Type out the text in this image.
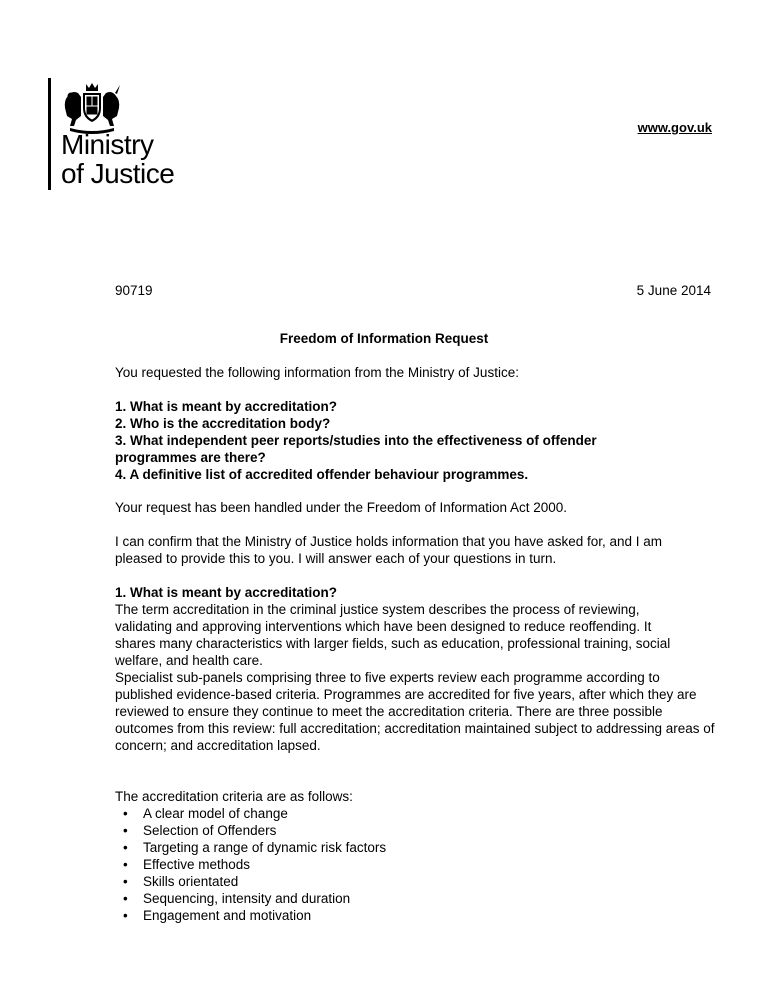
Ministry
of Justice
www.gov.uk
90719	5 June 2014
Freedom of Information Request
You requested the following information from the Ministry of Justice:
1. What is meant by accreditation?
2. Who is the accreditation body?
3. What independent peer reports/studies into the effectiveness of offender programmes are there?
4. A definitive list of accredited offender behaviour programmes.
Your request has been handled under the Freedom of Information Act 2000.
I can confirm that the Ministry of Justice holds information that you have asked for, and I am pleased to provide this to you. I will answer each of your questions in turn.
1. What is meant by accreditation?
The term accreditation in the criminal justice system describes the process of reviewing, validating and approving interventions which have been designed to reduce reoffending. It shares many characteristics with larger fields, such as education, professional training, social welfare, and health care.
Specialist sub-panels comprising three to five experts review each programme according to published evidence-based criteria. Programmes are accredited for five years, after which they are reviewed to ensure they continue to meet the accreditation criteria. There are three possible outcomes from this review: full accreditation; accreditation maintained subject to addressing areas of concern; and accreditation lapsed.
The accreditation criteria are as follows:
• A clear model of change
• Selection of Offenders
• Targeting a range of dynamic risk factors
• Effective methods
• Skills orientated
• Sequencing, intensity and duration
• Engagement and motivation
